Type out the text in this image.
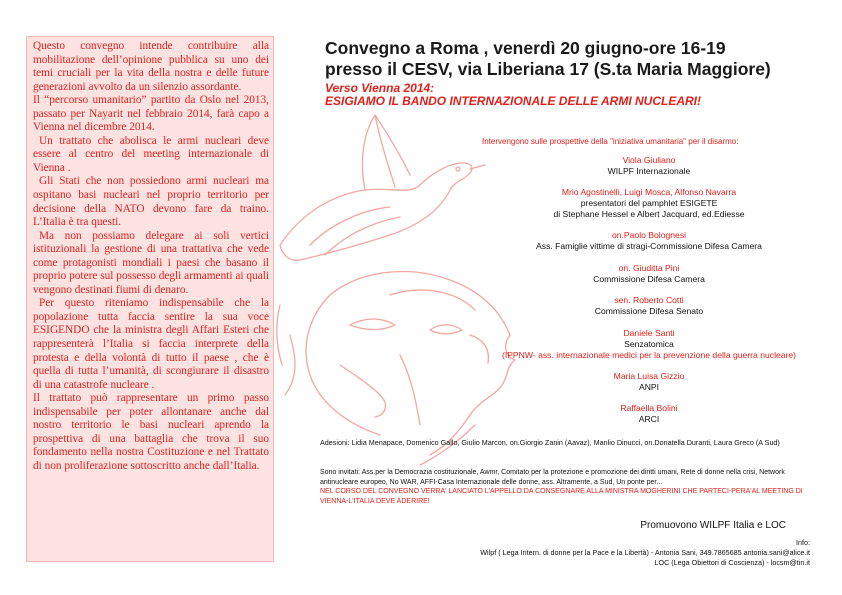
Questo convegno intende contribuire alla mobilitazione dell’opinione pubblica su uno dei temi cruciali per la vita della nostra e delle future generazioni avvolto da un silenzio assordante.

Il “percorso umanitario” partito da Oslo nel 2013, passato per Nayarit nel febbraio 2014, farà capo a Vienna nel dicembre 2014.

Un trattato che abolisca le armi nucleari deve essere al centro del meeting internazionale di Vienna .

Gli Stati che non possiedono armi nucleari ma ospitano basi nucleari nel proprio territorio per decisione della NATO devono fare da traino. L’Italia è tra questi.

Ma non possiamo delegare ai soli vertici istituzionali la gestione di una trattativa che vede come protagonisti mondiali i paesi che basano il proprio potere sul possesso degli armamenti ai quali vengono destinati fiumi di denaro.

Per questo riteniamo indispensabile che la popolazione tutta faccia sentire la sua voce ESIGENDO che la ministra degli Affari Esteri che rappresenterà l’Italia si faccia interprete della protesta e della volontà di tutto il paese , che è quella di tutta l’umanità, di scongiurare il disastro di una catastrofe nucleare .

Il trattato può rappresentare un primo passo indispensabile per poter allontanare anche dal nostro territorio le basi nucleari aprendo la prospettiva di una battaglia che trova il suo fondamento nella nostra Costituzione e nel Trattato di non proliferazione sottoscritto anche dall’Italia.

Convegno a Roma , venerdì 20 giugno-ore 16-19
presso il CESV, via Liberiana 17 (S.ta Maria Maggiore)
Verso Vienna 2014:
ESIGIAMO IL BANDO INTERNAZIONALE DELLE ARMI NUCLEARI!
Intervengono sulle prospettive della "iniziativa umanitaria" per il disarmo:
Viola Giuliano
WILPF Internazionale
Mrio Agostinelli, Luigi Mosca, Alfonso Navarra
presentatori del pamphlet ESIGETE
di Stephane Hessel e Albert Jacquard, ed.Ediesse
on.Paolo Bolognesi
Ass. Famiglie vittime di stragi-Commissione Difesa Camera
on. Giuditta Pini
Commissione Difesa Camera
sen. Roberto Cotti
Commissione Difesa Senato
Daniele Santi
Senzatomica
(IPPNW- ass. internazionale medici per la prevenzione della guerra nucleare)
Maria Luisa Gizzio
ANPI
Raffaella Bolini
ARCI
Adesioni: Lidia Menapace, Domenico Gallo, Giulio Marcon, on.Giorgio Zanin (Aavaz), Manlio Dinucci, on.Donatella Duranti, Laura Greco (A Sud)
Sono invitati: Ass.per la Democrazia costituzionale, Awmr, Comitato per la protezione e promozione dei diritti umani, Rete di donne nella crisi, Network antinucleare europeo, No WAR, AFFI-Casa Internazionale delle donne, ass. Altramente, a Sud, Un ponte per...
NEL CORSO DEL CONVEGNO VERRA' LANCIATO L'APPELLO DA CONSEGNARE ALLA MINISTRA MOGHERINI CHE PARTECI-PERA'AL MEETING DI VIENNA-L'ITALIA DEVE ADERIRE!
Promuovono WILPF Italia e LOC
Info:
Wilpf ( Lega Intern. di donne per la Pace e la Libertà) - Antonia Sani, 349.7865685 antonia.sani@alice.it
LOC (Lega Obiettori di Coscienza) - locsm@tin.it
